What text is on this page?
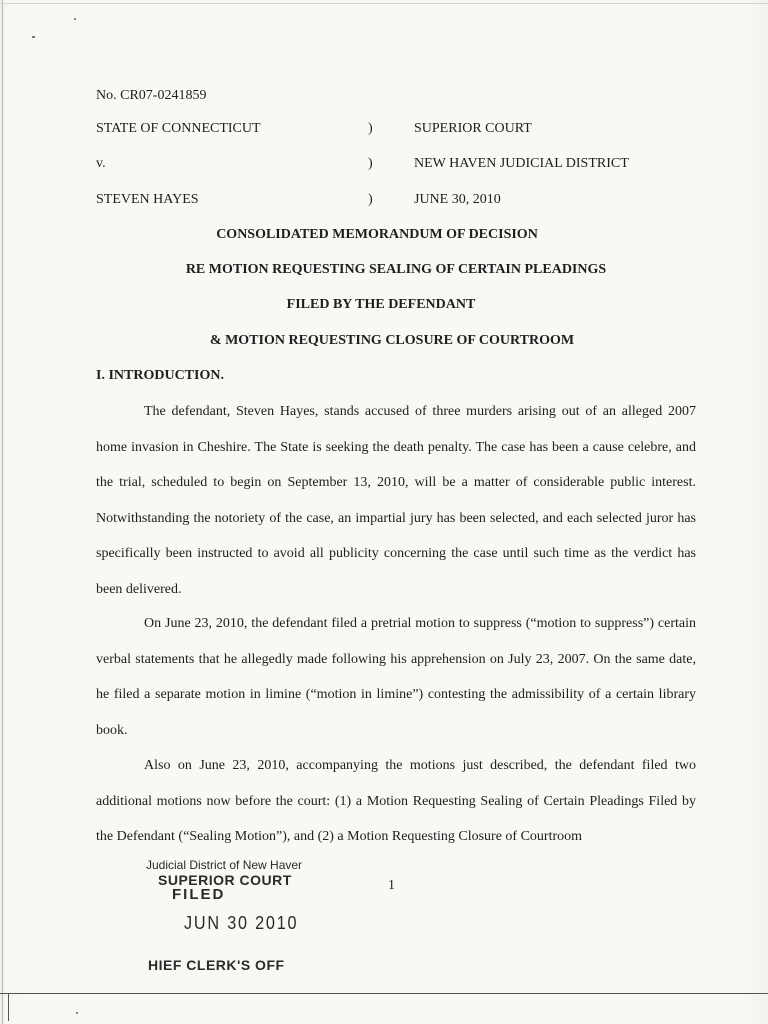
No. CR07-0241859
STATE OF CONNECTICUT	)	SUPERIOR COURT
v.	)	NEW HAVEN JUDICIAL DISTRICT
STEVEN HAYES	)	JUNE 30, 2010
CONSOLIDATED MEMORANDUM OF DECISION
RE MOTION REQUESTING SEALING OF CERTAIN PLEADINGS
FILED BY THE DEFENDANT
& MOTION REQUESTING CLOSURE OF COURTROOM
I. INTRODUCTION.
The defendant, Steven Hayes, stands accused of three murders arising out of an alleged 2007 home invasion in Cheshire. The State is seeking the death penalty. The case has been a cause celebre, and the trial, scheduled to begin on September 13, 2010, will be a matter of considerable public interest. Notwithstanding the notoriety of the case, an impartial jury has been selected, and each selected juror has specifically been instructed to avoid all publicity concerning the case until such time as the verdict has been delivered.
On June 23, 2010, the defendant filed a pretrial motion to suppress (“motion to suppress”) certain verbal statements that he allegedly made following his apprehension on July 23, 2007. On the same date, he filed a separate motion in limine (“motion in limine”) contesting the admissibility of a certain library book.
Also on June 23, 2010, accompanying the motions just described, the defendant filed two additional motions now before the court: (1) a Motion Requesting Sealing of Certain Pleadings Filed by the Defendant (“Sealing Motion”), and (2) a Motion Requesting Closure of Courtroom
1
Judicial District of New Haver
SUPERIOR COURT
FILED
JUN 30 2010
HIEF CLERK'S OFF
